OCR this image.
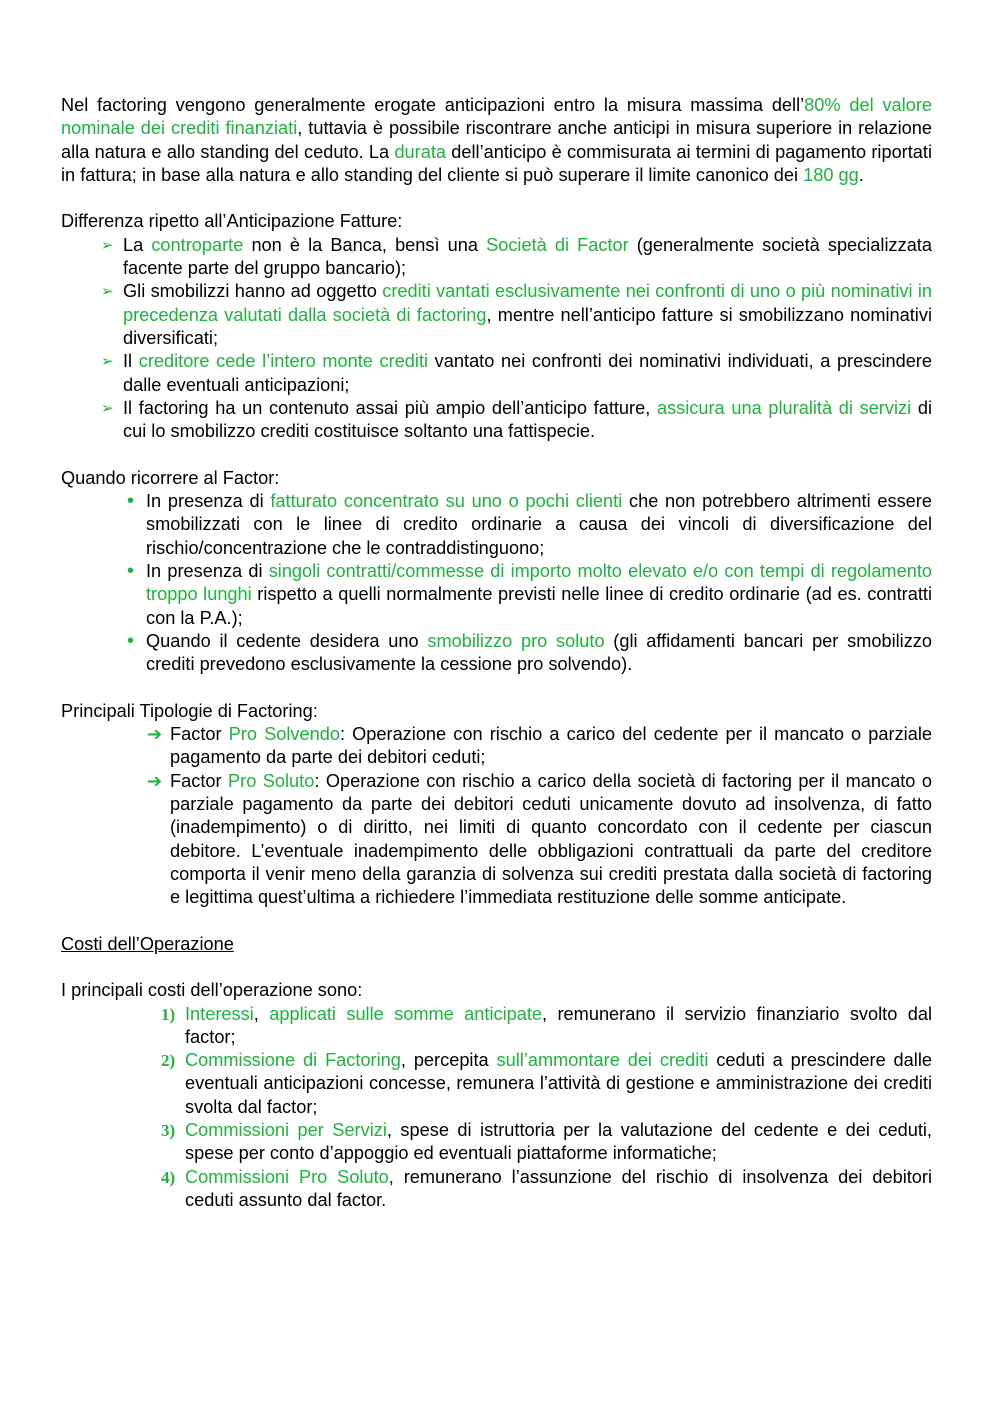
Nel factoring vengono generalmente erogate anticipazioni entro la misura massima dell’80% del valore nominale dei crediti finanziati, tuttavia è possibile riscontrare anche anticipi in misura superiore in relazione alla natura e allo standing del ceduto. La durata dell’anticipo è commisurata ai termini di pagamento riportati in fattura; in base alla natura e allo standing del cliente si può superare il limite canonico dei 180 gg.

Differenza ripetto all’Anticipazione Fatture:

➢ La controparte non è la Banca, bensì una Società di Factor (generalmente società specializzata facente parte del gruppo bancario);
➢ Gli smobilizzi hanno ad oggetto crediti vantati esclusivamente nei confronti di uno o più nominativi in precedenza valutati dalla società di factoring, mentre nell’anticipo fatture si smobilizzano nominativi diversificati;
➢ Il creditore cede l’intero monte crediti vantato nei confronti dei nominativi individuati, a prescindere dalle eventuali anticipazioni;
➢ Il factoring ha un contenuto assai più ampio dell’anticipo fatture, assicura una pluralità di servizi di cui lo smobilizzo crediti costituisce soltanto una fattispecie.

Quando ricorrere al Factor:

• In presenza di fatturato concentrato su uno o pochi clienti che non potrebbero altrimenti essere smobilizzati con le linee di credito ordinarie a causa dei vincoli di diversificazione del rischio/concentrazione che le contraddistinguono;
• In presenza di singoli contratti/commesse di importo molto elevato e/o con tempi di regolamento troppo lunghi rispetto a quelli normalmente previsti nelle linee di credito ordinarie (ad es. contratti con la P.A.);
• Quando il cedente desidera uno smobilizzo pro soluto (gli affidamenti bancari per smobilizzo crediti prevedono esclusivamente la cessione pro solvendo).

Principali Tipologie di Factoring:

➔ Factor Pro Solvendo: Operazione con rischio a carico del cedente per il mancato o parziale pagamento da parte dei debitori ceduti;
➔ Factor Pro Soluto: Operazione con rischio a carico della società di factoring per il mancato o parziale pagamento da parte dei debitori ceduti unicamente dovuto ad insolvenza, di fatto (inadempimento) o di diritto, nei limiti di quanto concordato con il cedente per ciascun debitore. L’eventuale inadempimento delle obbligazioni contrattuali da parte del creditore comporta il venir meno della garanzia di solvenza sui crediti prestata dalla società di factoring e legittima quest’ultima a richiedere l’immediata restituzione delle somme anticipate.

Costi dell’Operazione

I principali costi dell’operazione sono:

1) Interessi, applicati sulle somme anticipate, remunerano il servizio finanziario svolto dal factor;
2) Commissione di Factoring, percepita sull’ammontare dei crediti ceduti a prescindere dalle eventuali anticipazioni concesse, remunera l’attività di gestione e amministrazione dei crediti svolta dal factor;
3) Commissioni per Servizi, spese di istruttoria per la valutazione del cedente e dei ceduti, spese per conto d’appoggio ed eventuali piattaforme informatiche;
4) Commissioni Pro Soluto, remunerano l’assunzione del rischio di insolvenza dei debitori ceduti assunto dal factor.
